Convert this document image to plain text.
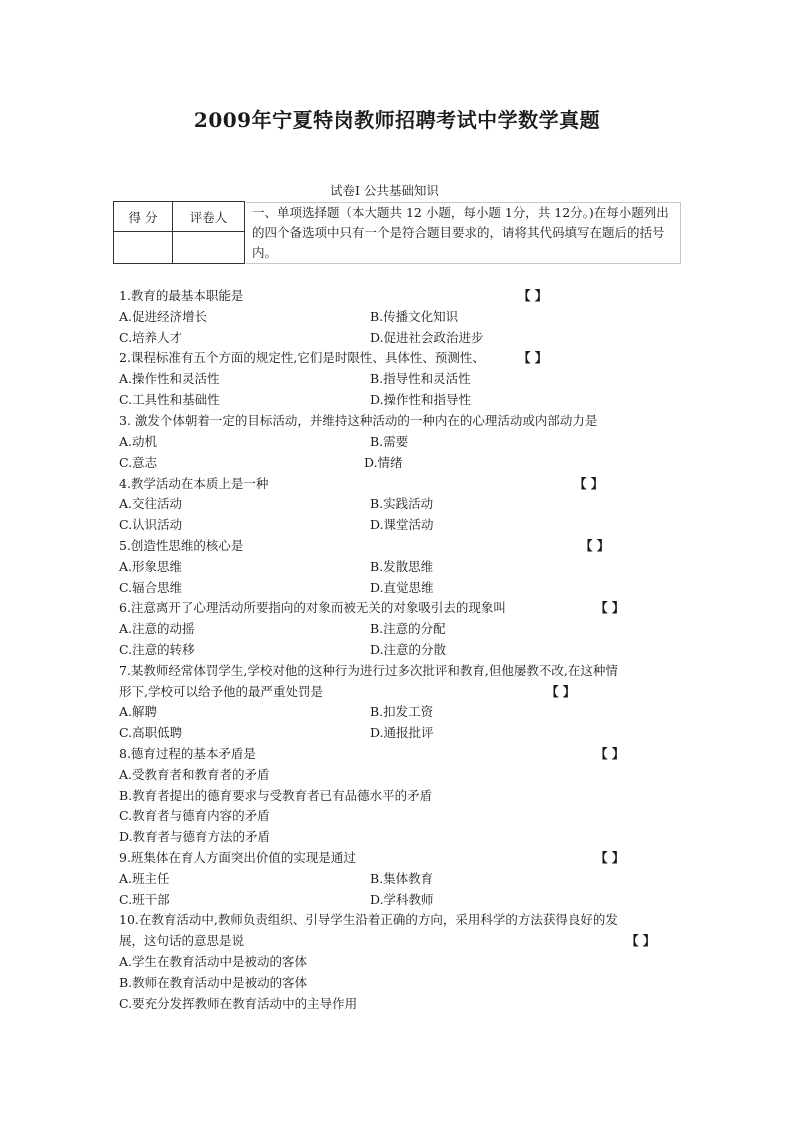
2009年宁夏特岗教师招聘考试中学数学真题
试卷Ⅰ 公共基础知识
得 分	评卷人
		一、单项选择题（本大题共 12 小题，每小题 1分，共 12分。)在每小题列出的四个备选项中只有一个是符合题目要求的，请将其代码填写在题后的括号内。
1.教育的最基本职能是	【 】
A.促进经济增长	B.传播文化知识
C.培养人才	D.促进社会政治进步
2.课程标准有五个方面的规定性,它们是时限性、具体性、预测性、	【 】
A.操作性和灵活性	B.指导性和灵活性
C.工具性和基础性	D.操作性和指导性
3. 激发个体朝着一定的目标活动，并维持这种活动的一种内在的心理活动或内部动力是
A.动机	B.需要
C.意志	D.情绪
4.教学活动在本质上是一种	【 】
A.交往活动	B.实践活动
C.认识活动	D.课堂活动
5.创造性思维的核心是	【 】
A.形象思维	B.发散思维
C.辐合思维	D.直觉思维
6.注意离开了心理活动所要指向的对象而被无关的对象吸引去的现象叫	【 】
A.注意的动摇	B.注意的分配
C.注意的转移	D.注意的分散
7.某教师经常体罚学生,学校对他的这种行为进行过多次批评和教育,但他屡教不改,在这种情
形下,学校可以给予他的最严重处罚是	【 】
A.解聘	B.扣发工资
C.高职低聘	D.通报批评
8.德育过程的基本矛盾是	【 】
A.受教育者和教育者的矛盾
B.教育者提出的德育要求与受教育者已有品德水平的矛盾
C.教育者与德育内容的矛盾
D.教育者与德育方法的矛盾
9.班集体在育人方面突出价值的实现是通过	【 】
A.班主任	B.集体教育
C.班干部	D.学科教师
10.在教育活动中,教师负责组织、引导学生沿着正确的方向，采用科学的方法获得良好的发
展，这句话的意思是说	【 】
A.学生在教育活动中是被动的客体
B.教师在教育活动中是被动的客体
C.要充分发挥教师在教育活动中的主导作用
